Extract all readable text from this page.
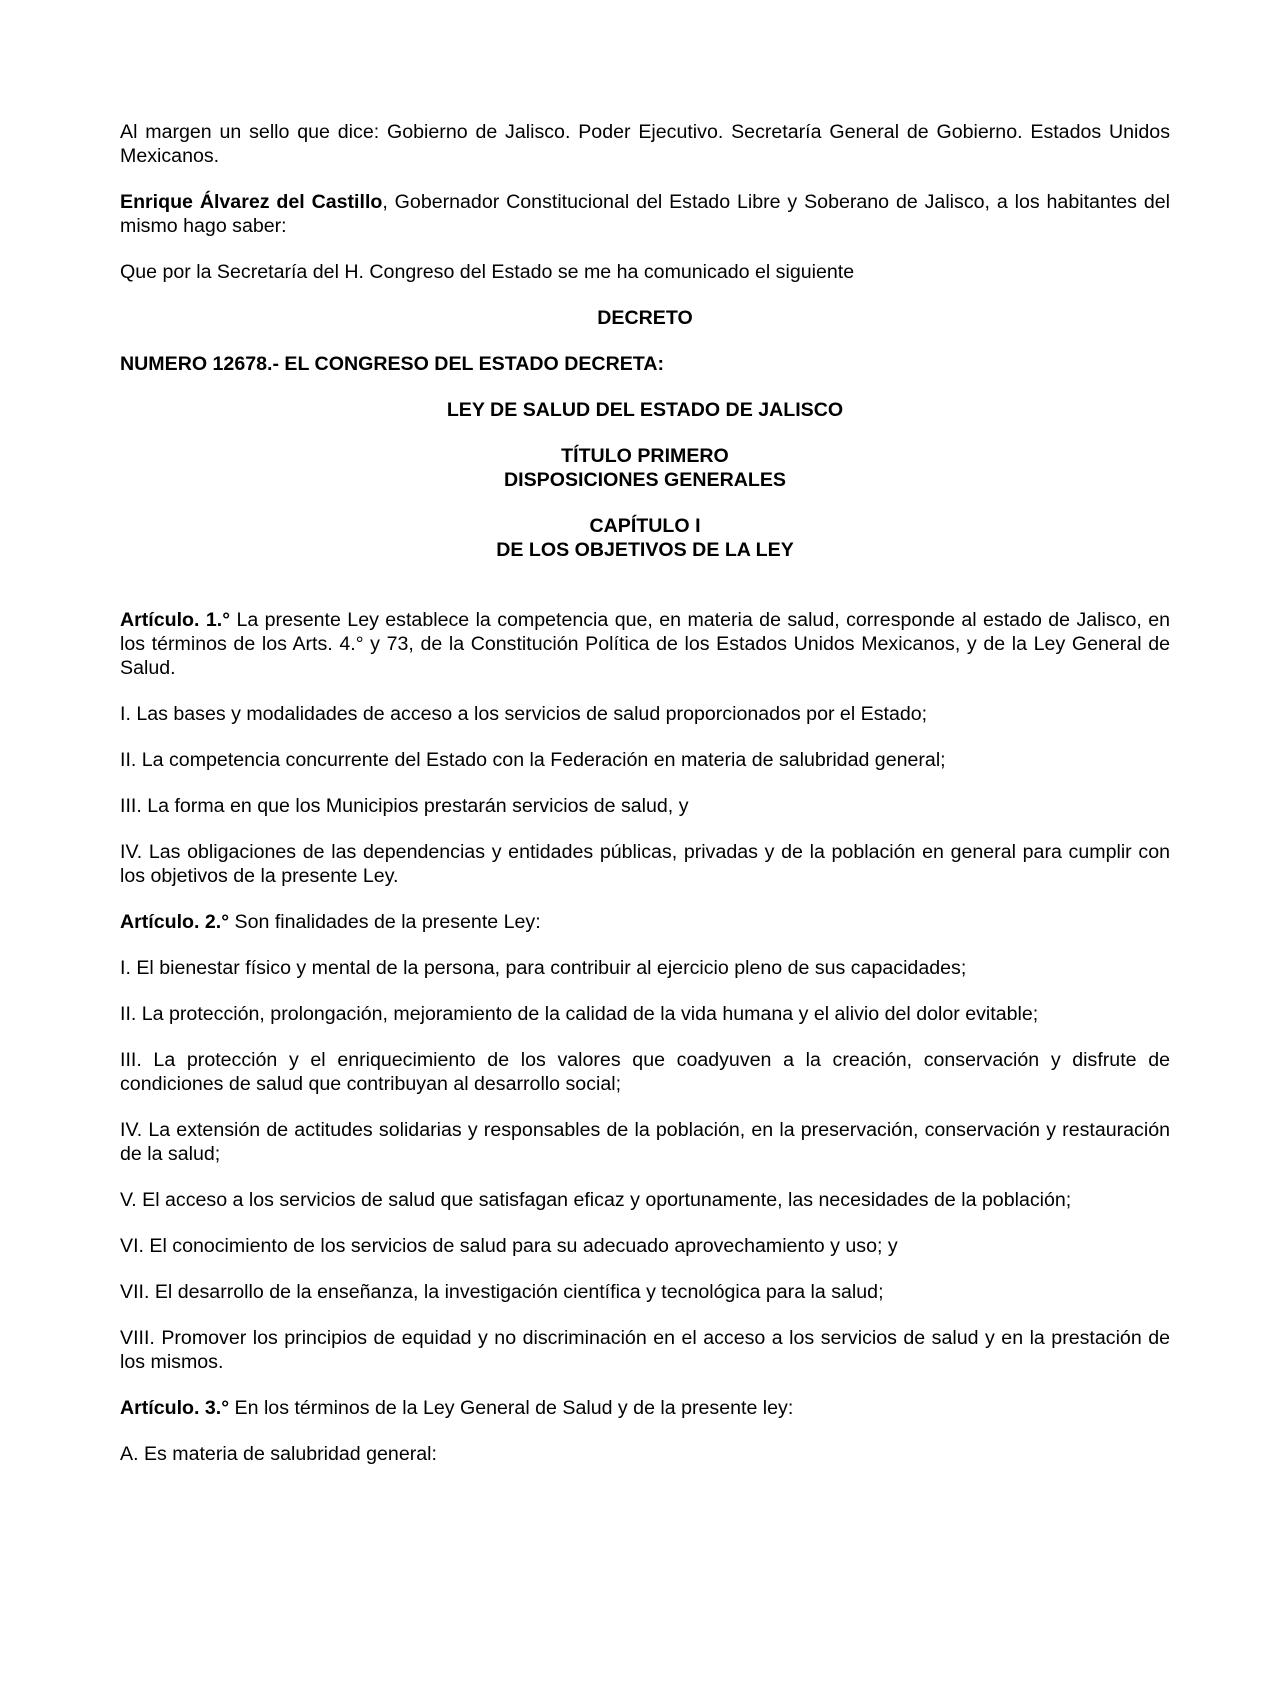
Al margen un sello que dice: Gobierno de Jalisco. Poder Ejecutivo. Secretaría General de Gobierno. Estados Unidos Mexicanos.

Enrique Álvarez del Castillo, Gobernador Constitucional del Estado Libre y Soberano de Jalisco, a los habitantes del mismo hago saber:

Que por la Secretaría del H. Congreso del Estado se me ha comunicado el siguiente

DECRETO

NUMERO 12678.- EL CONGRESO DEL ESTADO DECRETA:

LEY DE SALUD DEL ESTADO DE JALISCO

TÍTULO PRIMERO

DISPOSICIONES GENERALES

CAPÍTULO I

DE LOS OBJETIVOS DE LA LEY

Artículo. 1.° La presente Ley establece la competencia que, en materia de salud, corresponde al estado de Jalisco, en los términos de los Arts. 4.° y 73, de la Constitución Política de los Estados Unidos Mexicanos, y de la Ley General de Salud.

I. Las bases y modalidades de acceso a los servicios de salud proporcionados por el Estado;

II. La competencia concurrente del Estado con la Federación en materia de salubridad general;

III. La forma en que los Municipios prestarán servicios de salud, y

IV. Las obligaciones de las dependencias y entidades públicas, privadas y de la población en general para cumplir con los objetivos de la presente Ley.

Artículo. 2.° Son finalidades de la presente Ley:

I. El bienestar físico y mental de la persona, para contribuir al ejercicio pleno de sus capacidades;

II. La protección, prolongación, mejoramiento de la calidad de la vida humana y el alivio del dolor evitable;

III. La protección y el enriquecimiento de los valores que coadyuven a la creación, conservación y disfrute de condiciones de salud que contribuyan al desarrollo social;

IV. La extensión de actitudes solidarias y responsables de la población, en la preservación, conservación y restauración de la salud;

V. El acceso a los servicios de salud que satisfagan eficaz y oportunamente, las necesidades de la población;

VI. El conocimiento de los servicios de salud para su adecuado aprovechamiento y uso; y

VII. El desarrollo de la enseñanza, la investigación científica y tecnológica para la salud;

VIII. Promover los principios de equidad y no discriminación en el acceso a los servicios de salud y en la prestación de los mismos.

Artículo. 3.° En los términos de la Ley General de Salud y de la presente ley:

A. Es materia de salubridad general:
